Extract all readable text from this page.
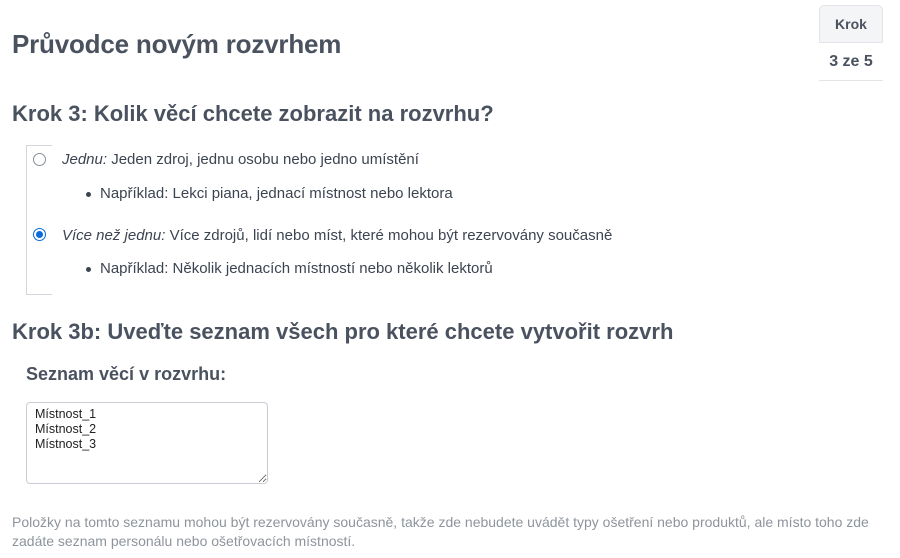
Průvodce novým rozvrhem
Krok
3 ze 5
Krok 3: Kolik věcí chcete zobrazit na rozvrhu?
Jednu: Jeden zdroj, jednu osobu nebo jedno umístění
Například: Lekci piana, jednací místnost nebo lektora
Více než jednu: Více zdrojů, lidí nebo míst, které mohou být rezervovány současně
Například: Několik jednacích místností nebo několik lektorů
Krok 3b: Uveďte seznam všech pro které chcete vytvořit rozvrh
Seznam věcí v rozvrhu:
Místnost_1 Místnost_2 Místnost_3

Položky na tomto seznamu mohou být rezervovány současně, takže zde nebudete uvádět typy ošetření nebo produktů, ale místo toho zde zadáte seznam personálu nebo ošetřovacích místností.
